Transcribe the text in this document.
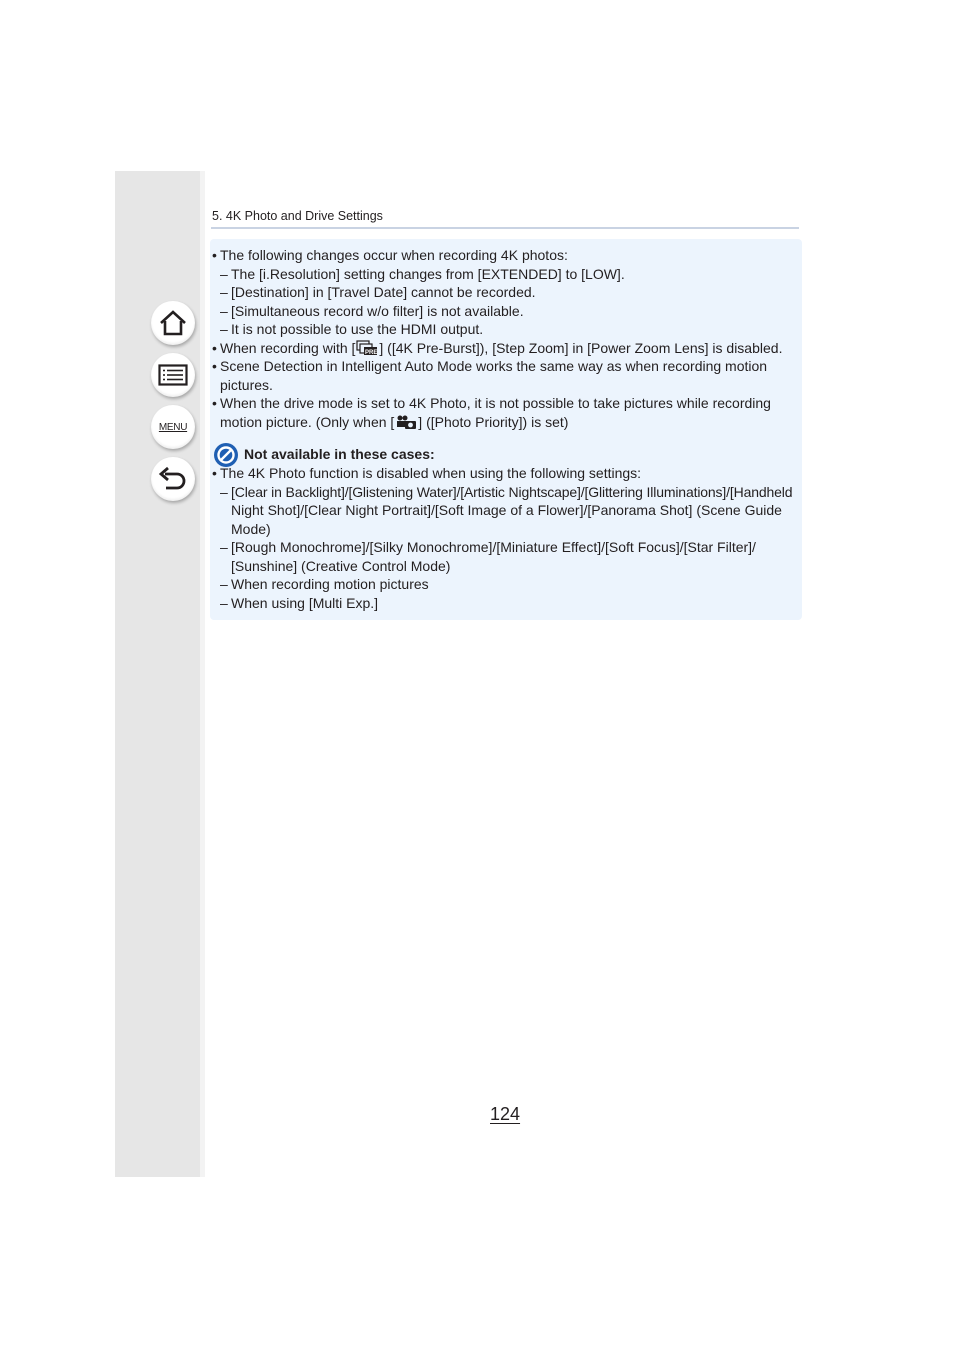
MENU
5. 4K Photo and Drive Settings
• The following changes occur when recording 4K photos:
– The [i.Resolution] setting changes from [EXTENDED] to [LOW].
– [Destination] in [Travel Date] cannot be recorded.
– [Simultaneous record w/o filter] is not available.
– It is not possible to use the HDMI output.
• When recording with [ PRE ] ([4K Pre-Burst]), [Step Zoom] in [Power Zoom Lens] is disabled.
• Scene Detection in Intelligent Auto Mode works the same way as when recording motion
pictures.
• When the drive mode is set to 4K Photo, it is not possible to take pictures while recording
motion picture. (Only when [ ] ([Photo Priority]) is set)
Not available in these cases:
• The 4K Photo function is disabled when using the following settings:
– [Clear in Backlight]/[Glistening Water]/[Artistic Nightscape]/[Glittering Illuminations]/[Handheld
Night Shot]/[Clear Night Portrait]/[Soft Image of a Flower]/[Panorama Shot] (Scene Guide
Mode)
– [Rough Monochrome]/[Silky Monochrome]/[Miniature Effect]/[Soft Focus]/[Star Filter]/
[Sunshine] (Creative Control Mode)
– When recording motion pictures
– When using [Multi Exp.]
124
